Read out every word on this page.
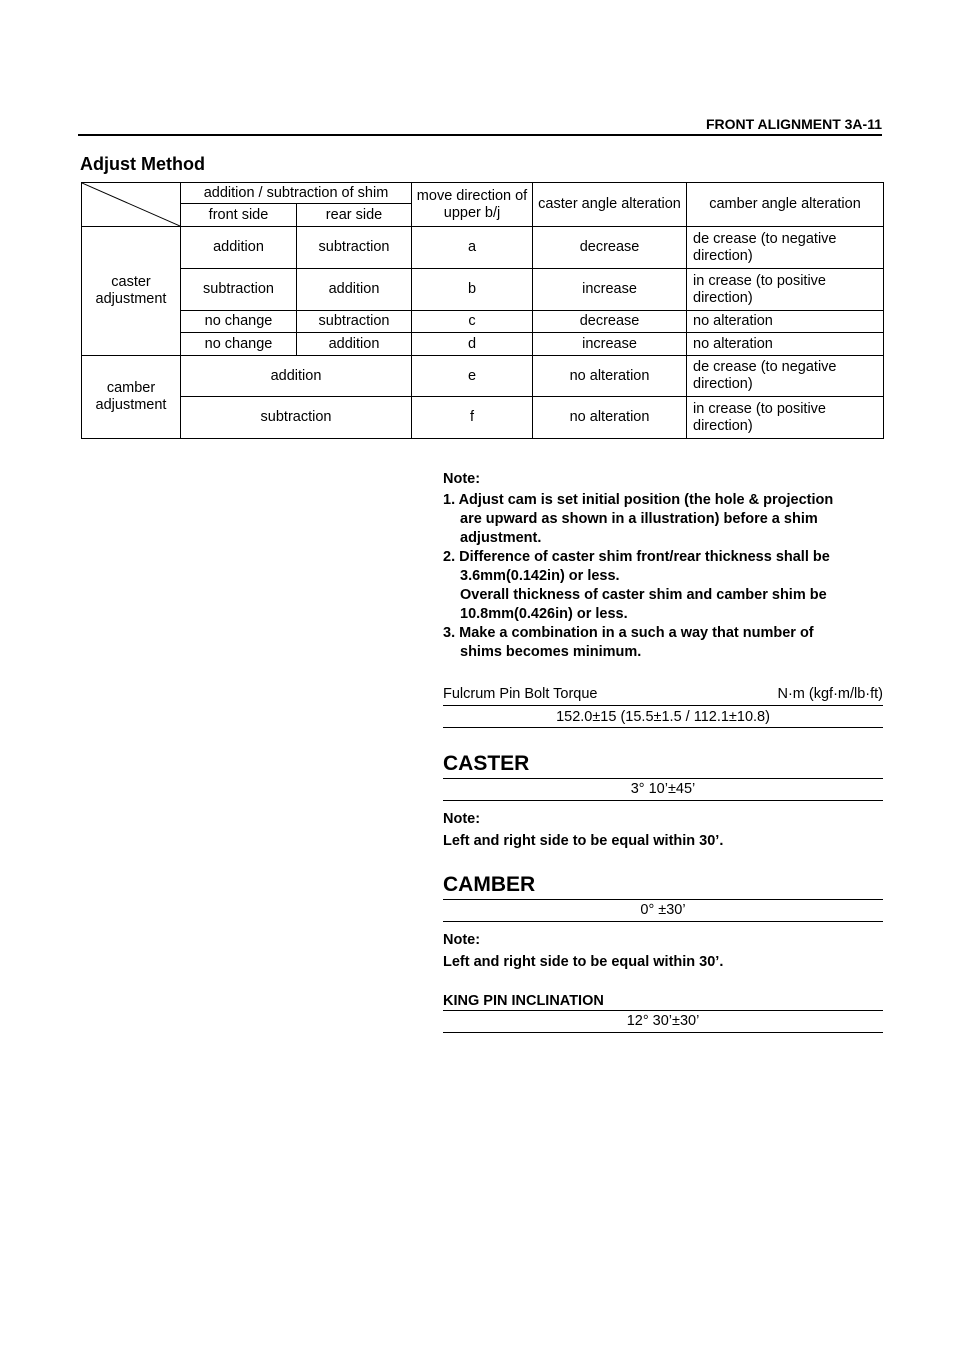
FRONT ALIGNMENT 3A-11
Adjust Method
	addition / subtraction of shim		move direction of upper b/j	caster angle alteration	camber angle alteration
	front side	rear side			
caster adjustment	addition	subtraction	a	decrease	de crease (to negative direction)
	subtraction	addition	b	increase	in crease (to positive direction)
	no change	subtraction	c	decrease	no alteration
	no change	addition	d	increase	no alteration
camber adjustment	addition		e	no alteration	de crease (to negative direction)
	subtraction		f	no alteration	in crease (to positive direction)
Note:
1. Adjust cam is set initial position (the hole & projection
are upward as shown in a illustration) before a shim
adjustment.
2. Difference of caster shim front/rear thickness shall be
3.6mm(0.142in) or less.
Overall thickness of caster shim and camber shim be
10.8mm(0.426in) or less.
3. Make a combination in a such a way that number of
shims becomes minimum.
Fulcrum Pin Bolt Torque	N·m (kgf·m/lb·ft)
152.0±15 (15.5±1.5 / 112.1±10.8)
CASTER
3° 10’±45’
Note:
Left and right side to be equal within 30’.
CAMBER
0° ±30’
Note:
Left and right side to be equal within 30’.
KING PIN INCLINATION
12° 30’±30’
